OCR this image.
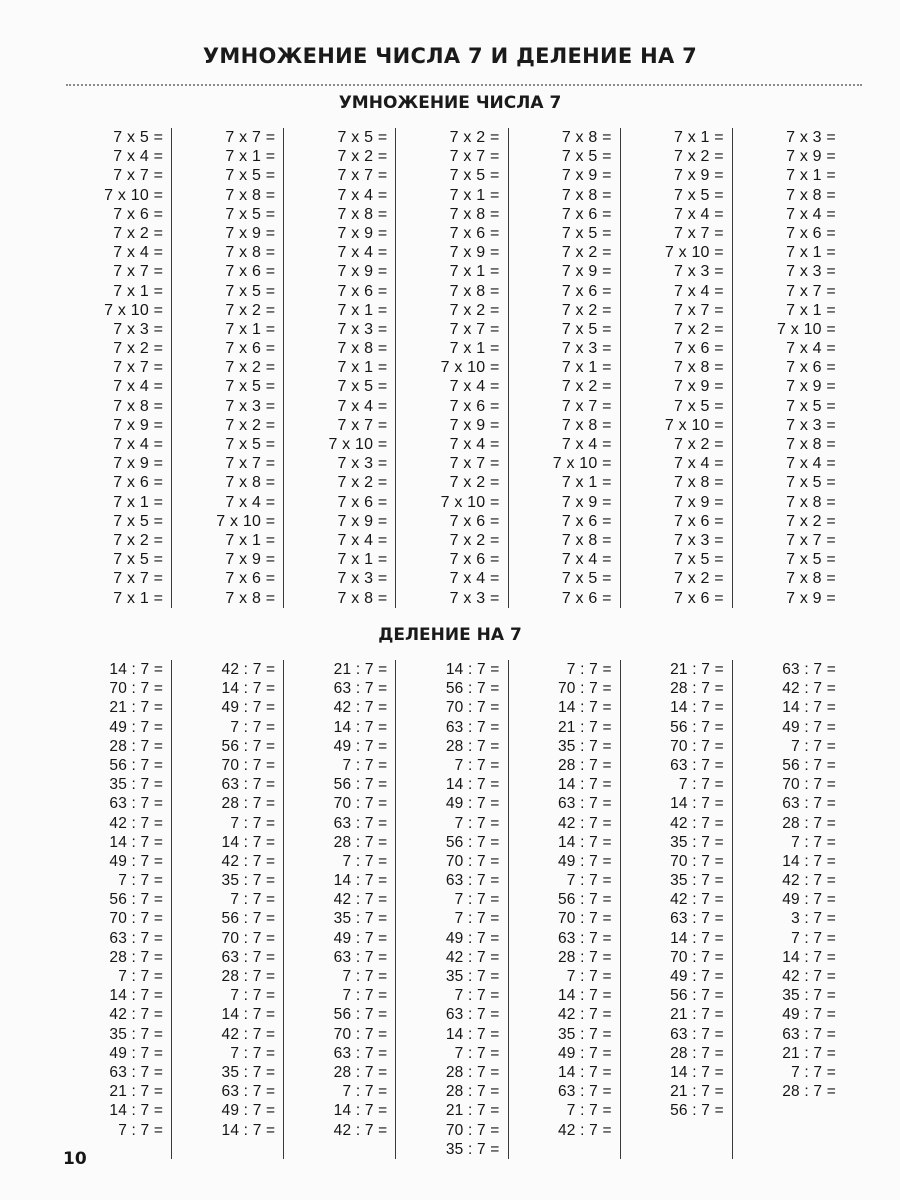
УМНОЖЕНИЕ ЧИСЛА 7 И ДЕЛЕНИЕ НА 7
УМНОЖЕНИЕ ЧИСЛА 7
7 x 5 =
7 x 4 =
7 x 7 =
7 x 10 =
7 x 6 =
7 x 2 =
7 x 4 =
7 x 7 =
7 x 1 =
7 x 10 =
7 x 3 =
7 x 2 =
7 x 7 =
7 x 4 =
7 x 8 =
7 x 9 =
7 x 4 =
7 x 9 =
7 x 6 =
7 x 1 =
7 x 5 =
7 x 2 =
7 x 5 =
7 x 7 =
7 x 1 =
7 x 7 =
7 x 1 =
7 x 5 =
7 x 8 =
7 x 5 =
7 x 9 =
7 x 8 =
7 x 6 =
7 x 5 =
7 x 2 =
7 x 1 =
7 x 6 =
7 x 2 =
7 x 5 =
7 x 3 =
7 x 2 =
7 x 5 =
7 x 7 =
7 x 8 =
7 x 4 =
7 x 10 =
7 x 1 =
7 x 9 =
7 x 6 =
7 x 8 =
7 x 5 =
7 x 2 =
7 x 7 =
7 x 4 =
7 x 8 =
7 x 9 =
7 x 4 =
7 x 9 =
7 x 6 =
7 x 1 =
7 x 3 =
7 x 8 =
7 x 1 =
7 x 5 =
7 x 4 =
7 x 7 =
7 x 10 =
7 x 3 =
7 x 2 =
7 x 6 =
7 x 9 =
7 x 4 =
7 x 1 =
7 x 3 =
7 x 8 =
7 x 2 =
7 x 7 =
7 x 5 =
7 x 1 =
7 x 8 =
7 x 6 =
7 x 9 =
7 x 1 =
7 x 8 =
7 x 2 =
7 x 7 =
7 x 1 =
7 x 10 =
7 x 4 =
7 x 6 =
7 x 9 =
7 x 4 =
7 x 7 =
7 x 2 =
7 x 10 =
7 x 6 =
7 x 2 =
7 x 6 =
7 x 4 =
7 x 3 =
7 x 8 =
7 x 5 =
7 x 9 =
7 x 8 =
7 x 6 =
7 x 5 =
7 x 2 =
7 x 9 =
7 x 6 =
7 x 2 =
7 x 5 =
7 x 3 =
7 x 1 =
7 x 2 =
7 x 7 =
7 x 8 =
7 x 4 =
7 x 10 =
7 x 1 =
7 x 9 =
7 x 6 =
7 x 8 =
7 x 4 =
7 x 5 =
7 x 6 =
7 x 1 =
7 x 2 =
7 x 9 =
7 x 5 =
7 x 4 =
7 x 7 =
7 x 10 =
7 x 3 =
7 x 4 =
7 x 7 =
7 x 2 =
7 x 6 =
7 x 8 =
7 x 9 =
7 x 5 =
7 x 10 =
7 x 2 =
7 x 4 =
7 x 8 =
7 x 9 =
7 x 6 =
7 x 3 =
7 x 5 =
7 x 2 =
7 x 6 =
7 x 3 =
7 x 9 =
7 x 1 =
7 x 8 =
7 x 4 =
7 x 6 =
7 x 1 =
7 x 3 =
7 x 7 =
7 x 1 =
7 x 10 =
7 x 4 =
7 x 6 =
7 x 9 =
7 x 5 =
7 x 3 =
7 x 8 =
7 x 4 =
7 x 5 =
7 x 8 =
7 x 2 =
7 x 7 =
7 x 5 =
7 x 8 =
7 x 9 =
ДЕЛЕНИЕ НА 7
14 : 7 =
70 : 7 =
21 : 7 =
49 : 7 =
28 : 7 =
56 : 7 =
35 : 7 =
63 : 7 =
42 : 7 =
14 : 7 =
49 : 7 =
7 : 7 =
56 : 7 =
70 : 7 =
63 : 7 =
28 : 7 =
7 : 7 =
14 : 7 =
42 : 7 =
35 : 7 =
49 : 7 =
63 : 7 =
21 : 7 =
14 : 7 =
7 : 7 =
42 : 7 =
14 : 7 =
49 : 7 =
7 : 7 =
56 : 7 =
70 : 7 =
63 : 7 =
28 : 7 =
7 : 7 =
14 : 7 =
42 : 7 =
35 : 7 =
7 : 7 =
56 : 7 =
70 : 7 =
63 : 7 =
28 : 7 =
7 : 7 =
14 : 7 =
42 : 7 =
7 : 7 =
35 : 7 =
63 : 7 =
49 : 7 =
14 : 7 =
21 : 7 =
63 : 7 =
42 : 7 =
14 : 7 =
49 : 7 =
7 : 7 =
56 : 7 =
70 : 7 =
63 : 7 =
28 : 7 =
7 : 7 =
14 : 7 =
42 : 7 =
35 : 7 =
49 : 7 =
63 : 7 =
7 : 7 =
7 : 7 =
56 : 7 =
70 : 7 =
63 : 7 =
28 : 7 =
7 : 7 =
14 : 7 =
42 : 7 =
14 : 7 =
56 : 7 =
70 : 7 =
63 : 7 =
28 : 7 =
7 : 7 =
14 : 7 =
49 : 7 =
7 : 7 =
56 : 7 =
70 : 7 =
63 : 7 =
7 : 7 =
7 : 7 =
49 : 7 =
42 : 7 =
35 : 7 =
7 : 7 =
63 : 7 =
14 : 7 =
7 : 7 =
28 : 7 =
28 : 7 =
21 : 7 =
70 : 7 =
35 : 7 =
7 : 7 =
70 : 7 =
14 : 7 =
21 : 7 =
35 : 7 =
28 : 7 =
14 : 7 =
63 : 7 =
42 : 7 =
14 : 7 =
49 : 7 =
7 : 7 =
56 : 7 =
70 : 7 =
63 : 7 =
28 : 7 =
7 : 7 =
14 : 7 =
42 : 7 =
35 : 7 =
49 : 7 =
14 : 7 =
63 : 7 =
7 : 7 =
42 : 7 =
21 : 7 =
28 : 7 =
14 : 7 =
56 : 7 =
70 : 7 =
63 : 7 =
7 : 7 =
14 : 7 =
42 : 7 =
35 : 7 =
70 : 7 =
35 : 7 =
42 : 7 =
63 : 7 =
14 : 7 =
70 : 7 =
49 : 7 =
56 : 7 =
21 : 7 =
63 : 7 =
28 : 7 =
14 : 7 =
21 : 7 =
56 : 7 =
63 : 7 =
42 : 7 =
14 : 7 =
49 : 7 =
7 : 7 =
56 : 7 =
70 : 7 =
63 : 7 =
28 : 7 =
7 : 7 =
14 : 7 =
42 : 7 =
49 : 7 =
3 : 7 =
7 : 7 =
14 : 7 =
42 : 7 =
35 : 7 =
49 : 7 =
63 : 7 =
21 : 7 =
7 : 7 =
28 : 7 =
10
